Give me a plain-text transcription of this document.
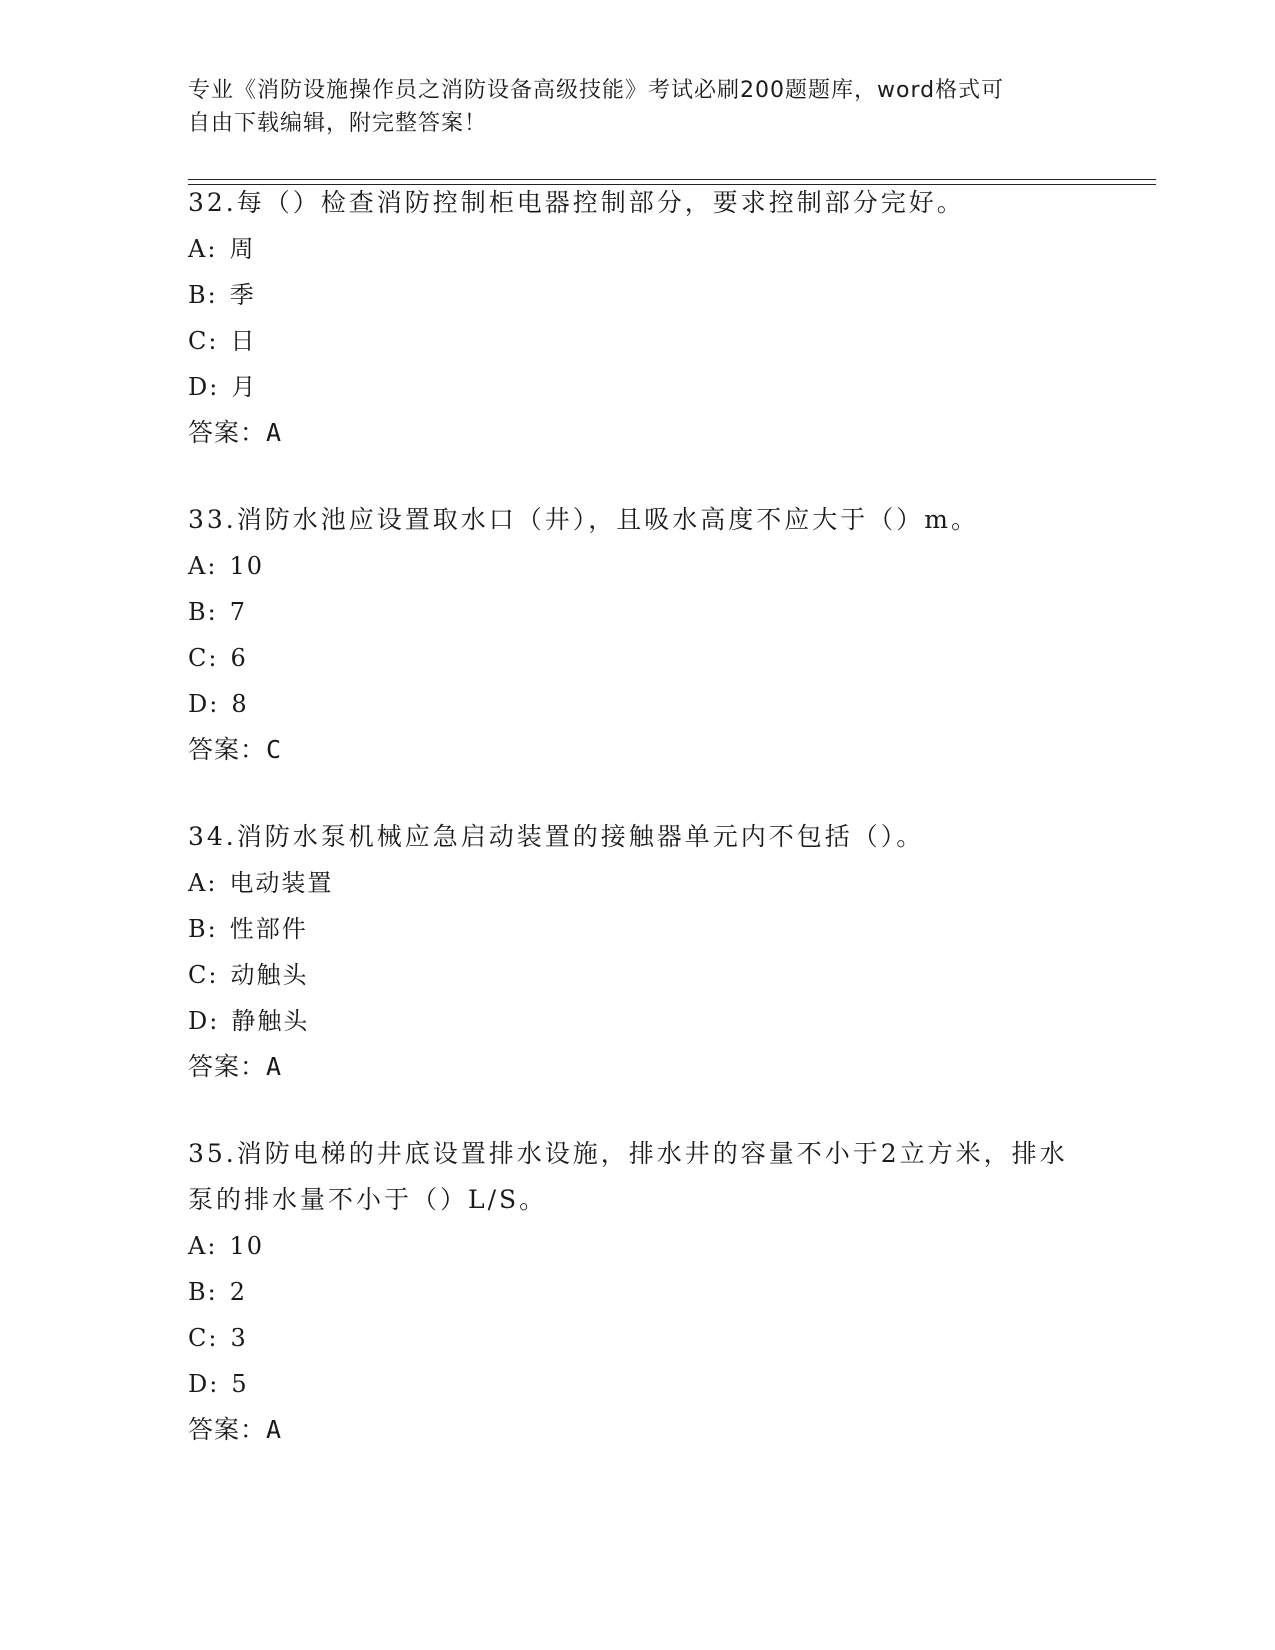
专业《消防设施操作员之消防设备高级技能》考试必刷200题题库，word格式可
自由下载编辑，附完整答案！

32.每（）检查消防控制柜电器控制部分，要求控制部分完好。

A: 周
B: 季
C: 日
D: 月
答案：A

33.消防水池应设置取水口（井），且吸水高度不应大于（）m。

A: 10
B: 7
C: 6
D: 8
答案：C

34.消防水泵机械应急启动装置的接触器单元内不包括（）。

A: 电动装置
B: 性部件
C: 动触头
D: 静触头
答案：A

35.消防电梯的井底设置排水设施，排水井的容量不小于2立方米，排水泵的排水量不小于（）L/S。

A: 10
B: 2
C: 3
D: 5
答案：A
